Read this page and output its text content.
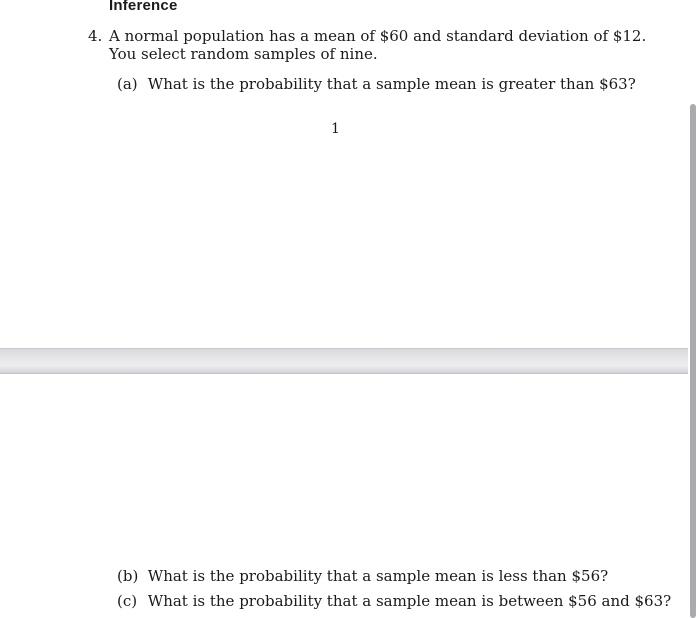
Inference
4. A normal population has a mean of $60 and standard deviation of $12.
You select random samples of nine.
(a) What is the probability that a sample mean is greater than $63?
1
(b) What is the probability that a sample mean is less than $56?
(c) What is the probability that a sample mean is between $56 and $63?
